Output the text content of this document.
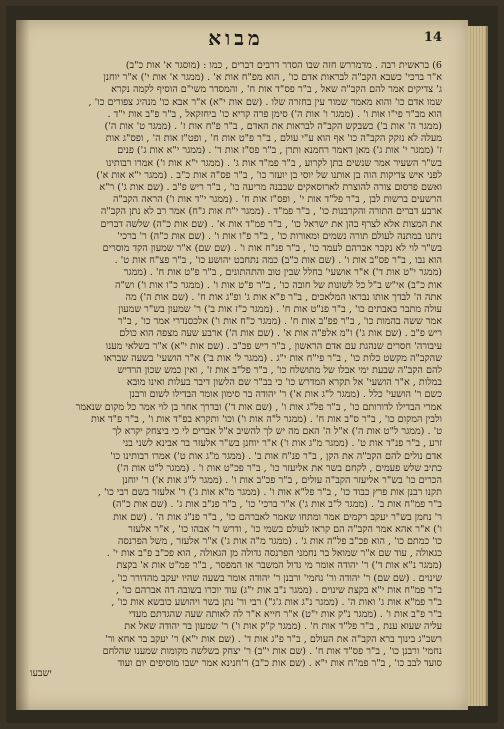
מבוא	14
6) בראשית רבה . מדמררש חזה שבו הסדר דרבים דברים , כמו : (מוסגר א' אות כ"ב)
א"ר ברכי' כשבא הקב"ה לבראות אדם כו' , הוא מפ"ח אות א' . (ממגר א' אות י') א"ר יוחנן
ג' צדיקים אמר להם הקב"ה שאל , ב"ר פס"ד אות ח' , והמסדר משי"ם הוסיף לקמה נקרא
שמו אדם כו' והוא מאמר שמור עין בחזרה שלו . (שם אות י"א) א"ר אבא כו' מנהיג צפורים כו' ,
הוא מב"ר פי"ו אות ו' . (ממגר ו' אות ה') סימן פרה קריא כו' ביחזקאל , ב"ר פ"ב אות י"ד .
(ממגר ה' אות ב') כשבקש הקב"ה לבראות את האדם , ב"ר פ"ח אות ז' . (ממגר ט' אות ה')
מעלה לא נזקק הקב"ה כו' אף הוא ע"י עולם , ב"ר פ"ט אות ח' , ופט"ז אות ה' , ופס"ג אות
ז' (ממגר י' אות ג') מאן דאמר רחמנא ותרן , ב"ר פס"ז אות ד' . (ממגר י"א אות ג') פנים
בש"ר השעיר אמר שנשים בתן לקרוע , ב"ר פמ"ד אות ג' . (ממגר י"א אות ו') אמרו רבותינו
לפני איש צדיקות הוה בן אותנו של יוסי בן יועזר כו' , ב"ר פס"ה אות כ"ב . (ממגר י"א אות א')
ואשם פרסום צורה להוצרת לארוסאקים שבבנה מריעה בו' , ב"ר ריש פ"ב . (שם אות ג') ר"א
הרשעים ברשות לבן , ב"ר פל"ד אות י' , ופס"ז אות ח' . (ממגר י"ד אות ו') הראה הקב"ה
ארבע דברים התורה והקרבנות כו' , ב"ר פמ"ד . (ממגר י"ח אות ג"ח) אמר רב לא נתן הקב"ה
את המצות אלא לצרף בהן את ישראל כו' , ב"ר פמ"ד אות א' . (שם אות כ"ה) שלשה דברים
ניתנו במתנה לעולם תורה נשמים ומאורות כו' , ב"ר פ"ו אות ו' . (שם אות כ"ה) ר' ברכי'
בש"ר לוי לא נקבר אברהם לעמד כו' , ב"ר פנ"ח אות ו' . (שם שם) א"ר שמעון הקד מוסרים
הוא נבו , ב"ר פס"ב אות ו' . (שם אות כ"ב) כמה נתחבט יהושע כו' , ב"ר פצ"ח אות ט' .
(ממגר י"ט אות ד') א"ר אושעי' בחלל שבין טוב והתהתונים , ב"ר פ"ט אות ח' . (ממגר
אות כ"ב) אי"ש ב"ל כל לשונות של חובה כו' , ב"ר פ"ט אות ו' . (ממגר כ"ו אות ו') וש"ה
אתה ה' לבדך אותו נבראו המלאכים , ב"ר פ"א אות ג' ופ"ג אות ח' . (שם אות ה') מה
עולה מתבר באבתים כו' , ב"ר פנ"ט אות ח' . (ממגר כ"ז אות ב') ר' שמעון בש"ר שמעון
אמר ששה בהמות כו' , ב"ר פפ"ב אות ח' . (ממגר כ"ח אות ו') אלכסנדרי אמר כו' , ב"ר
ריש פ"ב . (שם אות ג') ו"מ אלפ"ה אות א' . (שם אות ה') ארבע שעה מצפה הוא כולם
עיבורה' חסרים שנהגת עם אדם הראשון , ב"ר ריש פכ"ב . (שם אות י"א) א"ר בשלאי מענו
שהקב"ה מקשט כלות כו' , ב"ר פי"ח אות י"ג . (ממגר ל' אות ב') א"ר הושעי' בשעה שבראו
להם הקב"ה שבעת ימי אבלו של מתושלח כו' , ב"ר פל"ב אות ז' , ואין כמש שכון הרדיש
במלות , א"ר הושעי' אל תקרא המדרש כו' כי בב"ר שם הלשון דיבר בעלות ואינו מובא
כשם ר' הושעי' כלל . (ממגר ל"ג אות א') ר' יהודה בר סימון אומר הבדילו לשום ורבנן
אמרי הבדילו לדורותם כו' , ב"ר פל"ג אות ו' , (שם אות ד') ובדרך אחר בן לוי אמר כל מקום שנאמר
ולבין המקום כו' , ב"ר ס"ב אות ח' . (ממגר ל"ה אות ו') וכו' ותקרא בפ"ד אות ו' , ב"ר פ"ד אות
ט' . (ממגר ל"ט אות ה') א"ל ה' האם מה יש לך להשיב א"ל אברים לי כי ביצחק יקרא לך
זרע , ב"ר פנ"ד אות ט' . (ממגר מ"ג אות ו') א"ר יוחנן בש"ר אלעזר בר אבינא לשני בני
אדם נולים להם הקב"ה את הקן , ב"ר פנ"ח אות ב' . (ממגר מ"ג אות ט') אמרו רבותינו כו'
כתיב שלש פעמים , לקחם בשר את אליעזר כו' , ב"ר פכ"ט אות ו' . (ממגר ל"ט אות ה')
הכרים כו' בש"ר אליעזר הקב"ה עולים , ב"ר פכ"ב אות ו' . (ממגר ל"ג אות א') ר' יוחנן
תקנו רבנן אות פרץ כבוד כו' , ב"ר פל"א אות ו' . (ממגר מ"א אות ג') ר' אלעזר בשם רבי כו' ,
ב"ר פמ"ח אות ב' . (ממגר ל"ב אות ג') א"ר ברכי' כו' , ב"ר פנ"ב אות ג' . (שם אות כ"ה)
ר' נחמן בש"ר יעקב רקמים אמר ומתחו שאמר לאברהם כו' , ב"ר פנ"ג אות ה' . (שם אות
ו') א"ר אהא אמר הקב"ה הם קראו לעולם בשמי כו' , ודרש ר' אבהו כו' , א"ר אלעזר
כו' כמתם כו' , הוא פכ"ב פל"ה אות ג' . (ממגר מ"ה אות ג') א"ר אלעזר , משל הפרנסה
כגאולה , עוד שם א"ר שמואל בר נחמני הפרנסה גדולה מן הגאולה , הוא פכ"ב פ"ב אות י' .
(ממגר נ"א אות ד') ר' יהודה אומר מי גדול המשבר או המפסר , ב"ר פמ"ט אות א' בקצת
שינוים . (שם שם) ר' יהודה ור' נחמי' ורבנן ר' יהודה אומר בשעה שהיו יעקב מהדורר כו' ,
ב"ר פמ"ח אות י"א בקצת שינוים . (ממגר נ"ב אות י"ג) עוד יוכרו בשובה דה אברהם כו' ,
ב"ר פמ"א אות ג' ואות ה' . (ממגר נ"ג אות ג'ג") רבי ור' נתן בשר ויהושע כובשא אות כו' ,
ב"ר פ"ב אות ו' . (ממגר נ"ק אות י"ט) א"ר חייא א"ר לה לאותה שעה שהגדתם מעדי
עליה שעוא ענת , ב"ר פל"ד אות ח' . (ממגר ק"ק אות ו') ר' שמעון בר יהודה שאל את
רשב"ג בינוך ברא הקב"ה את העולם , ב"ר פ"ג אות ד' . (שם אות י"א) ר' יעקב בר אחא ור'
נחמי' ורבנן כו' , ב"ר פס"ד אות ח' . (שם אות י"ב) ר' יצחק בשלשה מקומות שמענו שהלחם
סועד לבב כו' , ב"ר פמ"ח אות י"א . (שם אות כ"ב) ר'חנינא אמר ישבו מוסיפים יום ועוד
ישבעו
